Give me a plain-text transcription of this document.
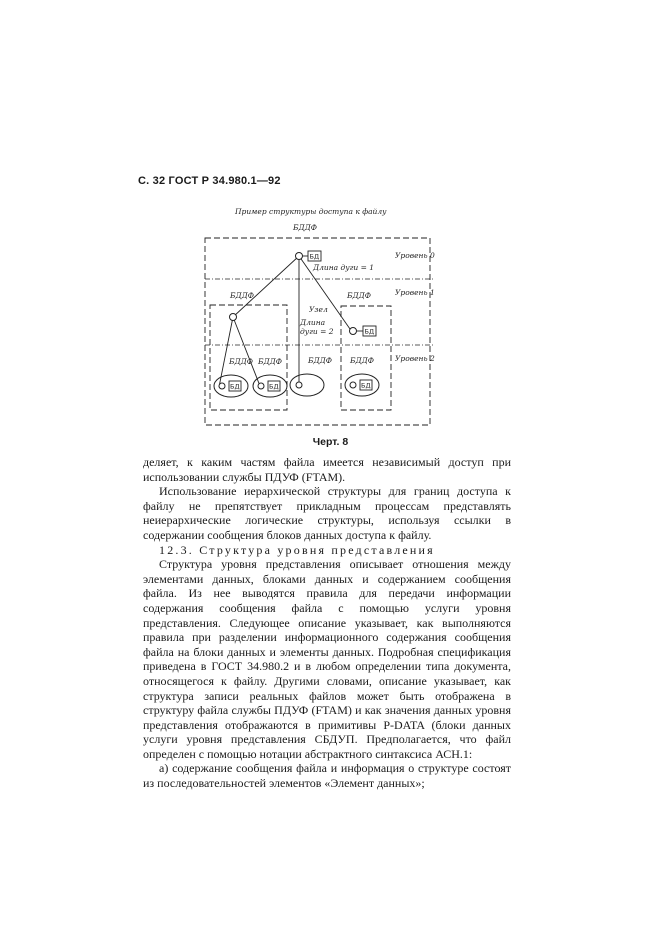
С. 32 ГОСТ Р 34.980.1—92
Пример структуры доступа к файлу
БДДФ
Уровень 0
Уровень 1
Уровень 2
БДДФ	БДДФ
Длина дуги = 1
Узел
Длина
дуги = 2
БДДФ БДДФ	БДДФ БДДФ
БД
БД
БД	БД	БД
Черт. 8

деляет, к каким частям файла имеется независимый доступ при использовании службы ПДУФ (FTAM).

Использование иерархической структуры для границ доступа к файлу не препятствует прикладным процессам представлять неиерархические логические структуры, используя ссылки в содержании сообщения блоков данных доступа к файлу.

12.3. Структура уровня представления

Структура уровня представления описывает отношения между элементами данных, блоками данных и содержанием сообщения файла. Из нее выводятся правила для передачи информации содержания сообщения файла с помощью услуги уровня представления. Следующее описание указывает, как выполняются правила при разделении информационного содержания сообщения файла на блоки данных и элементы данных. Подробная спецификация приведена в ГОСТ 34.980.2 и в любом определении типа документа, относящегося к файлу. Другими словами, описание указывает, как структура записи реальных файлов может быть отображена в структуру файла службы ПДУФ (FTAM) и как значения данных уровня представления отображаются в примитивы P-DATA (блоки данных услуги уровня представления СБДУП. Предполагается, что файл определен с помощью нотации абстрактного синтаксиса АСН.1:

а) содержание сообщения файла и информация о структуре состоят из последовательностей элементов «Элемент данных»;
